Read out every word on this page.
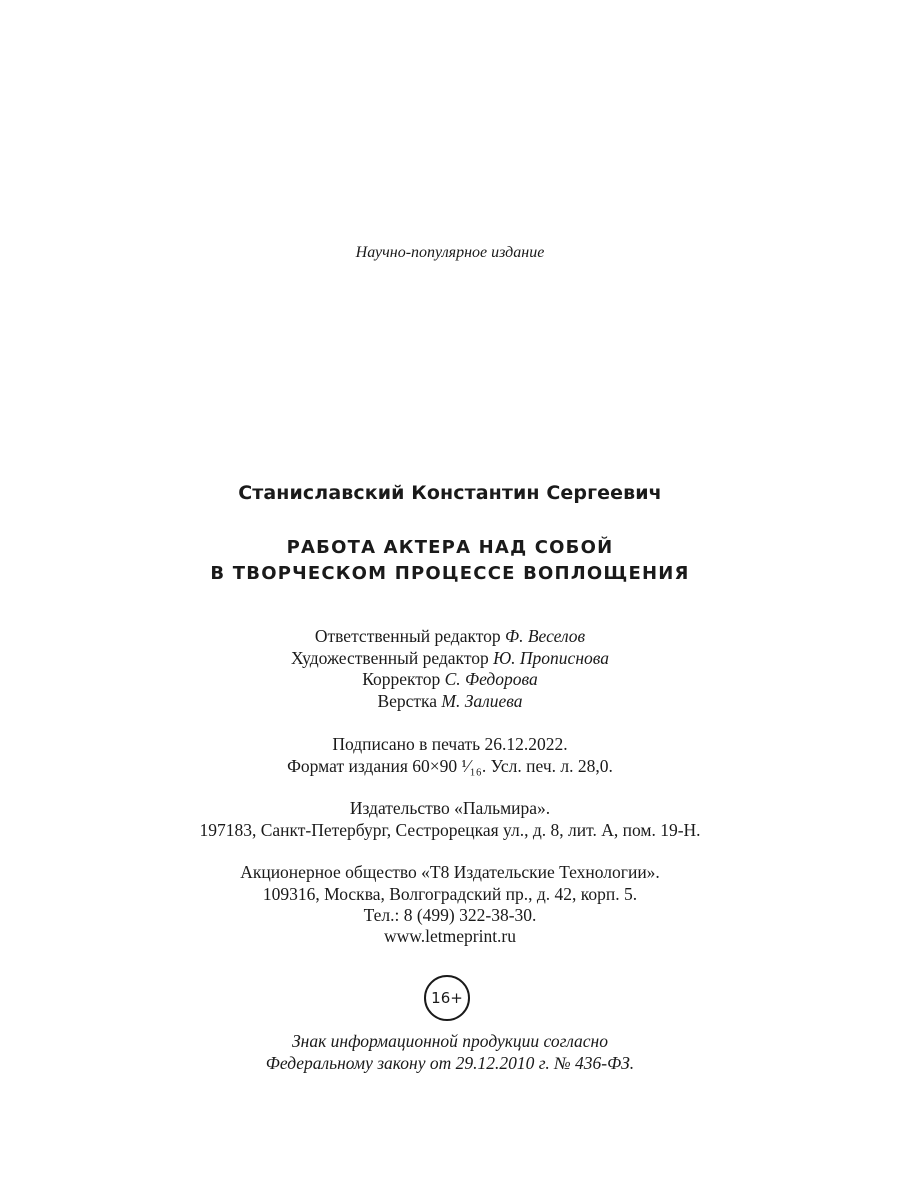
Научно-популярное издание
Станиславский Константин Сергеевич
РАБОТА АКТЕРА НАД СОБОЙ
В ТВОРЧЕСКОМ ПРОЦЕССЕ ВОПЛОЩЕНИЯ
Ответственный редактор Ф. Веселов
Художественный редактор Ю. Прописнова
Корректор С. Федорова
Верстка М. Залиева
Подписано в печать 26.12.2022.
Формат издания 60×90 ¹⁄₁₆. Усл. печ. л. 28,0.
Издательство «Пальмира».
197183, Санкт-Петербург, Сестрорецкая ул., д. 8, лит. А, пом. 19-Н.
Акционерное общество «Т8 Издательские Технологии».
109316, Москва, Волгоградский пр., д. 42, корп. 5.
Тел.: 8 (499) 322-38-30.
www.letmeprint.ru
16+
Знак информационной продукции согласно
Федеральному закону от 29.12.2010 г. № 436-ФЗ.
